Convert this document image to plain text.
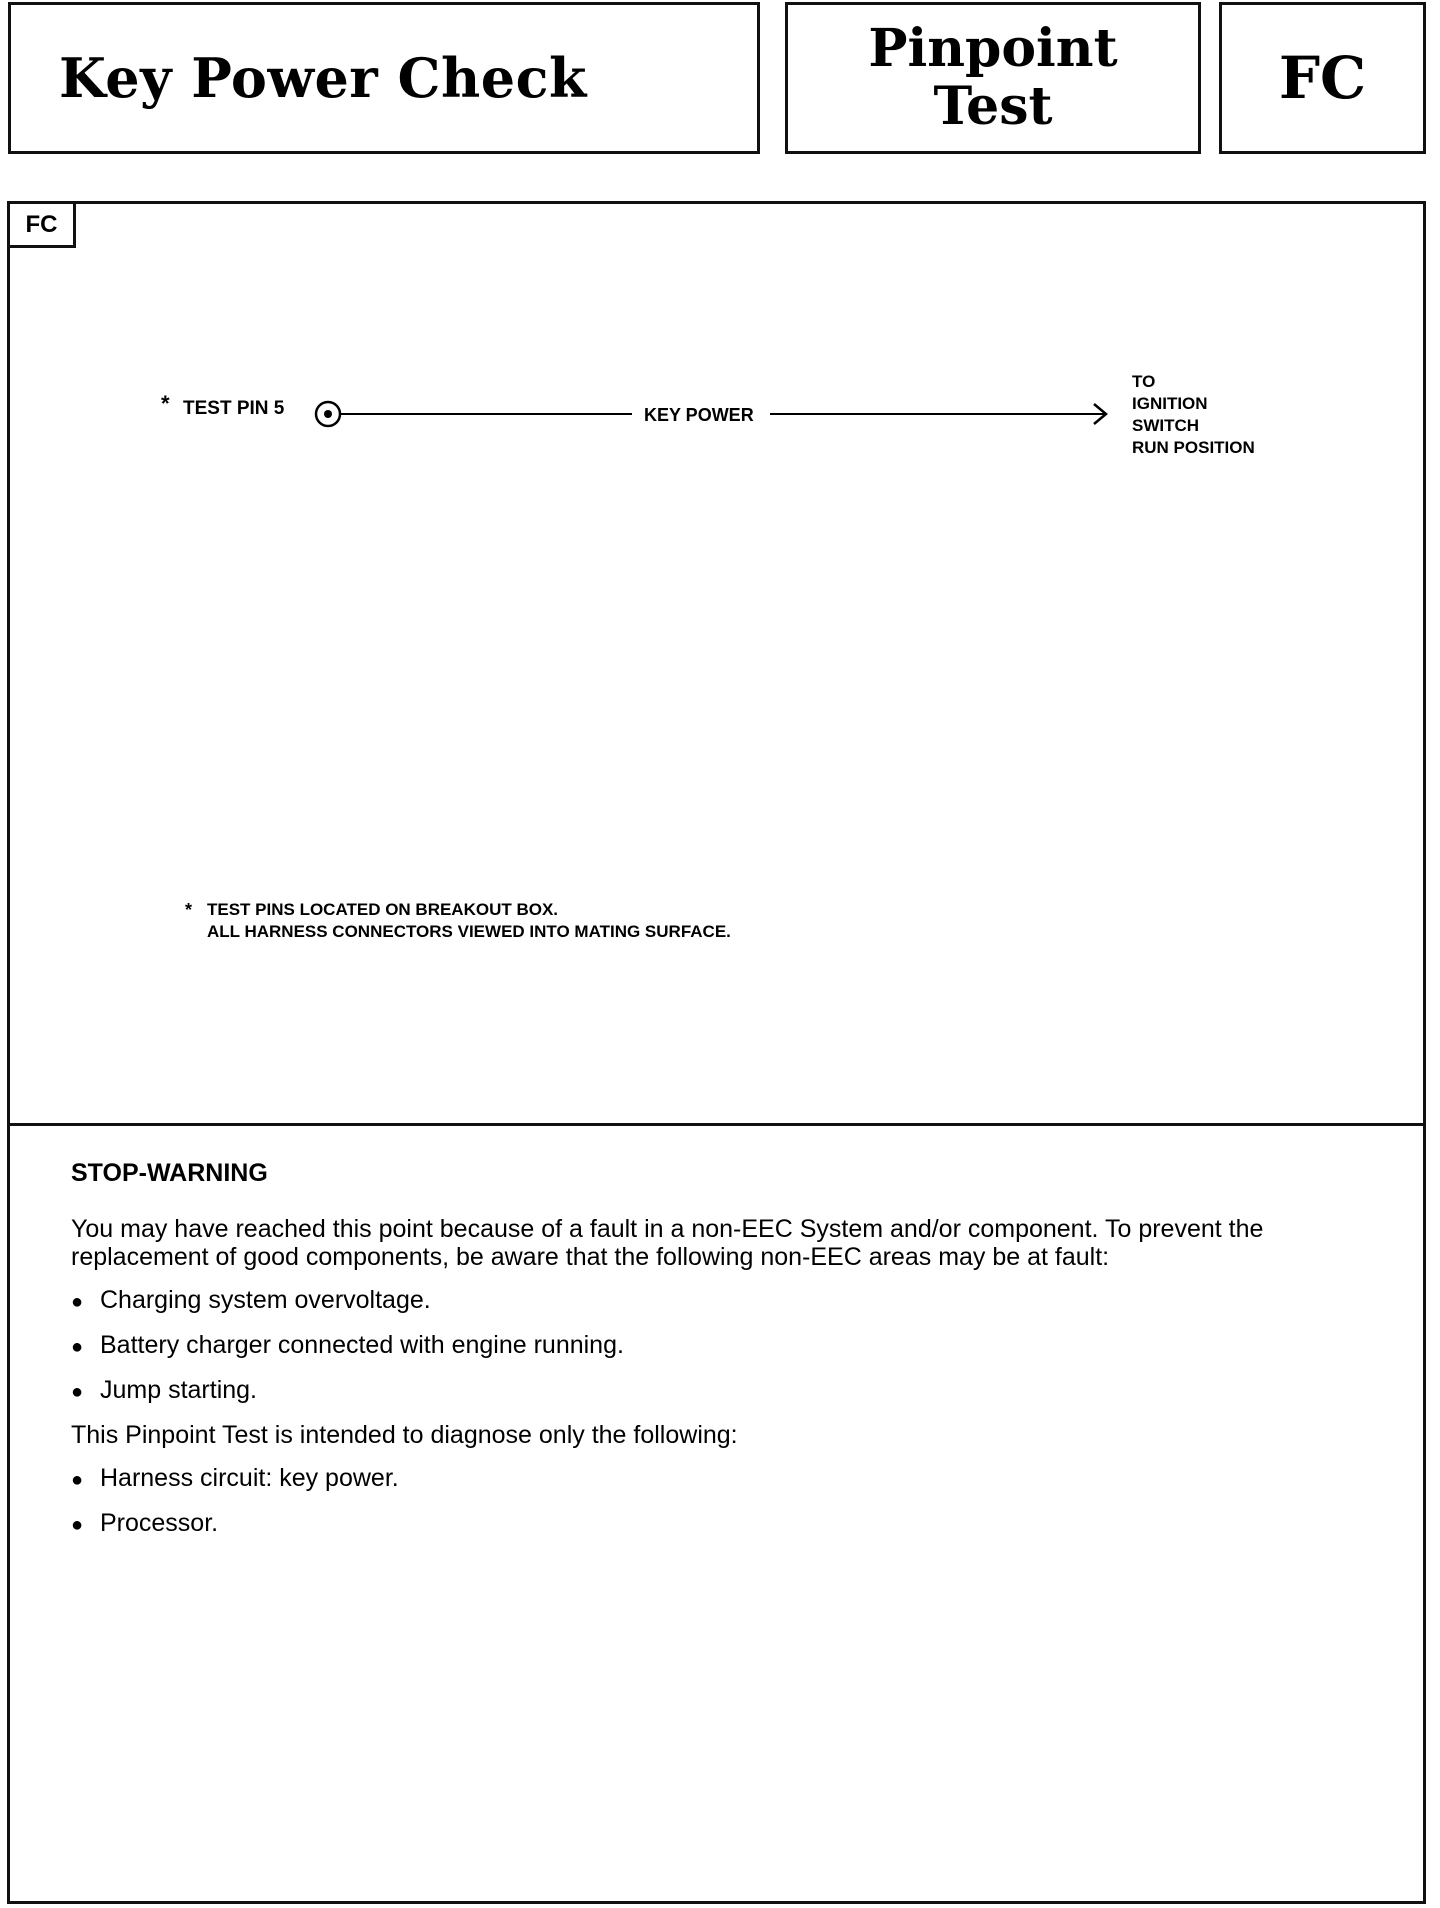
Key Power Check	Pinpoint
Test	FC
FC
* TEST PIN 5	KEY POWER
TO
IGNITION
SWITCH
RUN POSITION
* TEST PINS LOCATED ON BREAKOUT BOX.
ALL HARNESS CONNECTORS VIEWED INTO MATING SURFACE.
STOP-WARNING

You may have reached this point because of a fault in a non-EEC System and/or component. To prevent the replacement of good components, be aware that the following non-EEC areas may be at fault:

● Charging system overvoltage.
● Battery charger connected with engine running.
● Jump starting.

This Pinpoint Test is intended to diagnose only the following:

● Harness circuit: key power.
● Processor.
